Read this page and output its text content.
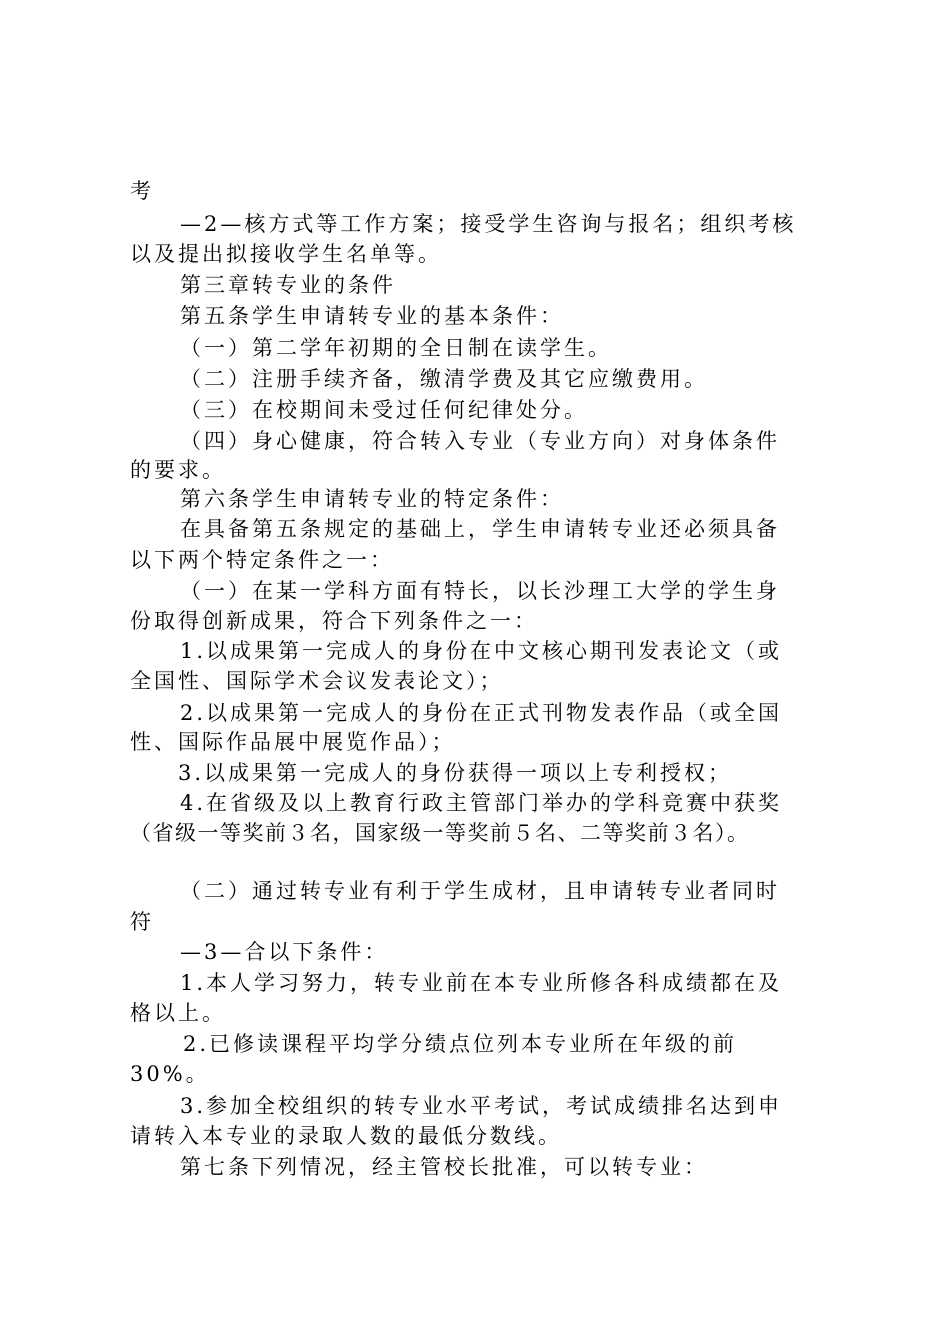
考
—2—核方式等工作方案；接受学生咨询与报名；组织考核
以及提出拟接收学生名单等。
第三章转专业的条件
第五条学生申请转专业的基本条件：
（一）第二学年初期的全日制在读学生。
（二）注册手续齐备，缴清学费及其它应缴费用。
（三）在校期间未受过任何纪律处分。
（四）身心健康，符合转入专业（专业方向）对身体条件
的要求。
第六条学生申请转专业的特定条件：
在具备第五条规定的基础上，学生申请转专业还必须具备
以下两个特定条件之一：
（一）在某一学科方面有特长，以长沙理工大学的学生身
份取得创新成果，符合下列条件之一：
1.以成果第一完成人的身份在中文核心期刊发表论文（或
全国性、国际学术会议发表论文）；
2.以成果第一完成人的身份在正式刊物发表作品（或全国
性、国际作品展中展览作品）；
3.以成果第一完成人的身份获得一项以上专利授权；
4.在省级及以上教育行政主管部门举办的学科竞赛中获奖
（省级一等奖前３名，国家级一等奖前５名、二等奖前３名）。
（二）通过转专业有利于学生成材，且申请转专业者同时
符
—3—合以下条件：
1.本人学习努力，转专业前在本专业所修各科成绩都在及
格以上。
2.已修读课程平均学分绩点位列本专业所在年级的前
30%。
3.参加全校组织的转专业水平考试，考试成绩排名达到申
请转入本专业的录取人数的最低分数线。
第七条下列情况，经主管校长批准，可以转专业：
